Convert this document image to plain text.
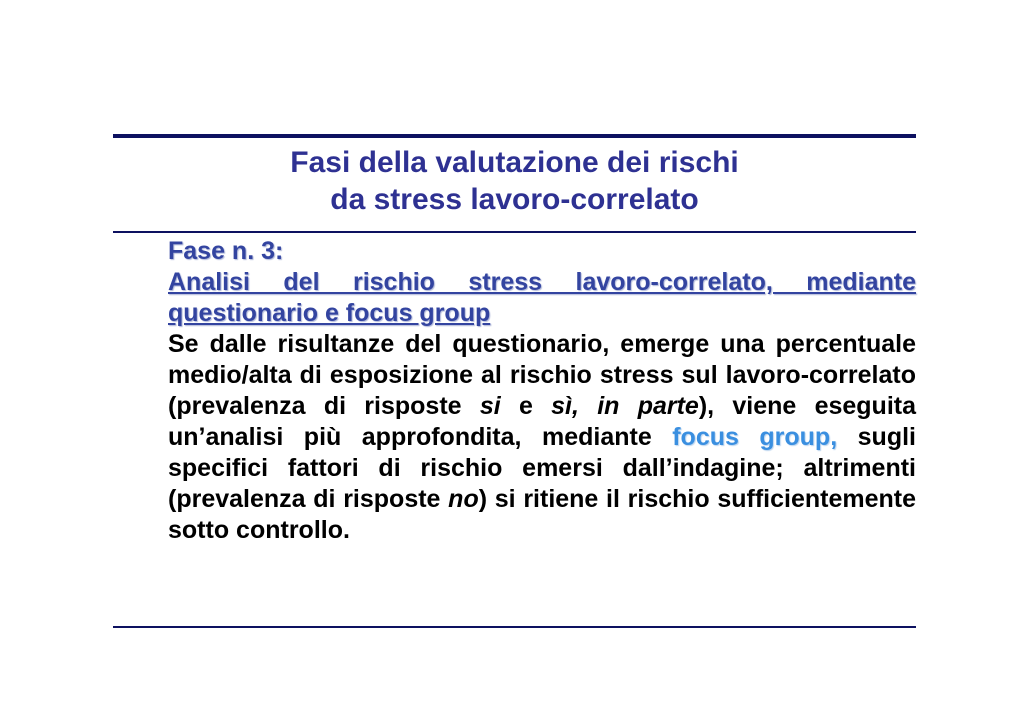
Fasi della valutazione dei rischi
da stress lavoro-correlato
Fase n. 3:
Analisi del rischio stress lavoro-correlato, mediante questionario e focus group
Se dalle risultanze del questionario, emerge una percentuale medio/alta di esposizione al rischio stress sul lavoro-correlato (prevalenza di risposte si e sì, in parte), viene eseguita un’analisi più approfondita, mediante focus group, sugli specifici fattori di rischio emersi dall’indagine; altrimenti (prevalenza di risposte no) si ritiene il rischio sufficientemente sotto controllo.
